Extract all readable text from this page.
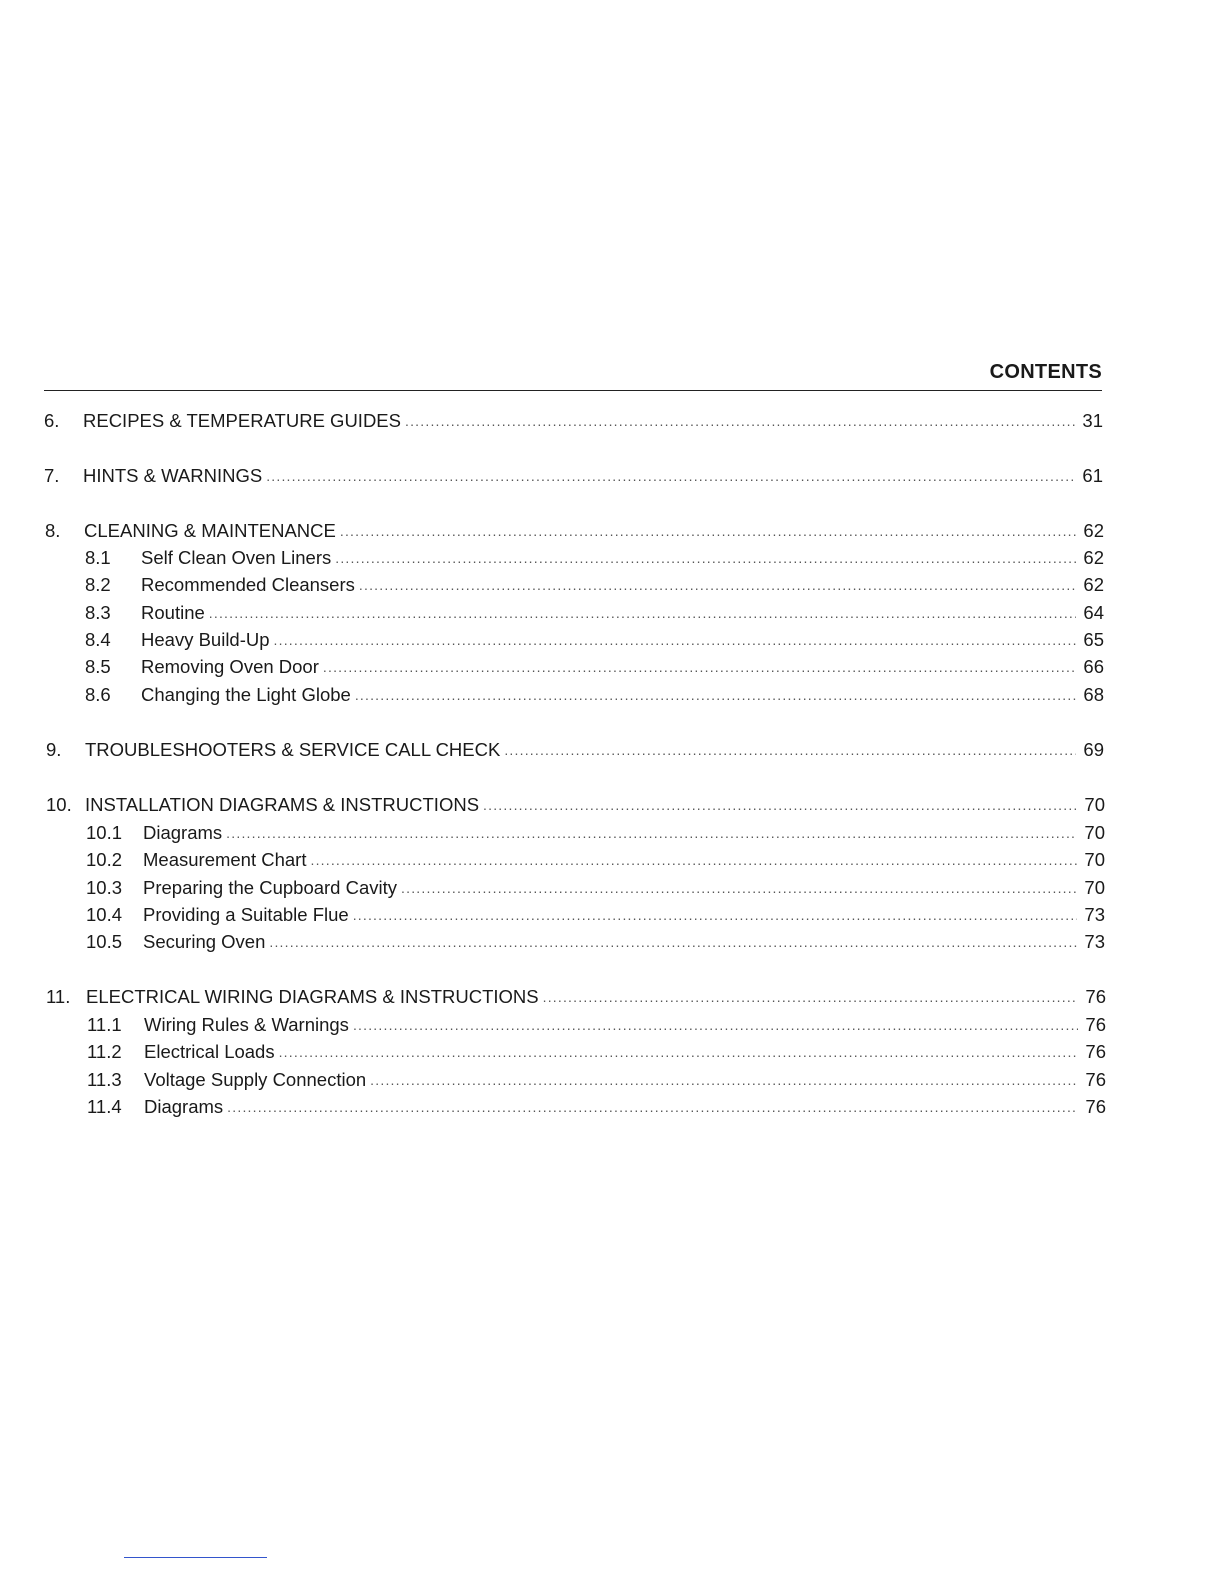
CONTENTS
6. RECIPES & TEMPERATURE GUIDES .....	31
7. HINTS & WARNINGS .....	61
8. CLEANING & MAINTENANCE .....	62
8.1 Self Clean Oven Liners .....	62
8.2 Recommended Cleansers .....	62
8.3 Routine .....	64
8.4 Heavy Build-Up .....	65
8.5 Removing Oven Door .....	66
8.6 Changing the Light Globe .....	68
9. TROUBLESHOOTERS & SERVICE CALL CHECK .....	69
10. INSTALLATION DIAGRAMS & INSTRUCTIONS .....	70
10.1 Diagrams .....	70
10.2 Measurement Chart .....	70
10.3 Preparing the Cupboard Cavity .....	70
10.4 Providing a Suitable Flue .....	73
10.5 Securing Oven .....	73
11. ELECTRICAL WIRING DIAGRAMS & INSTRUCTIONS .....	76
11.1 Wiring Rules & Warnings .....	76
11.2 Electrical Loads .....	76
11.3 Voltage Supply Connection .....	76
11.4 Diagrams .....	76
